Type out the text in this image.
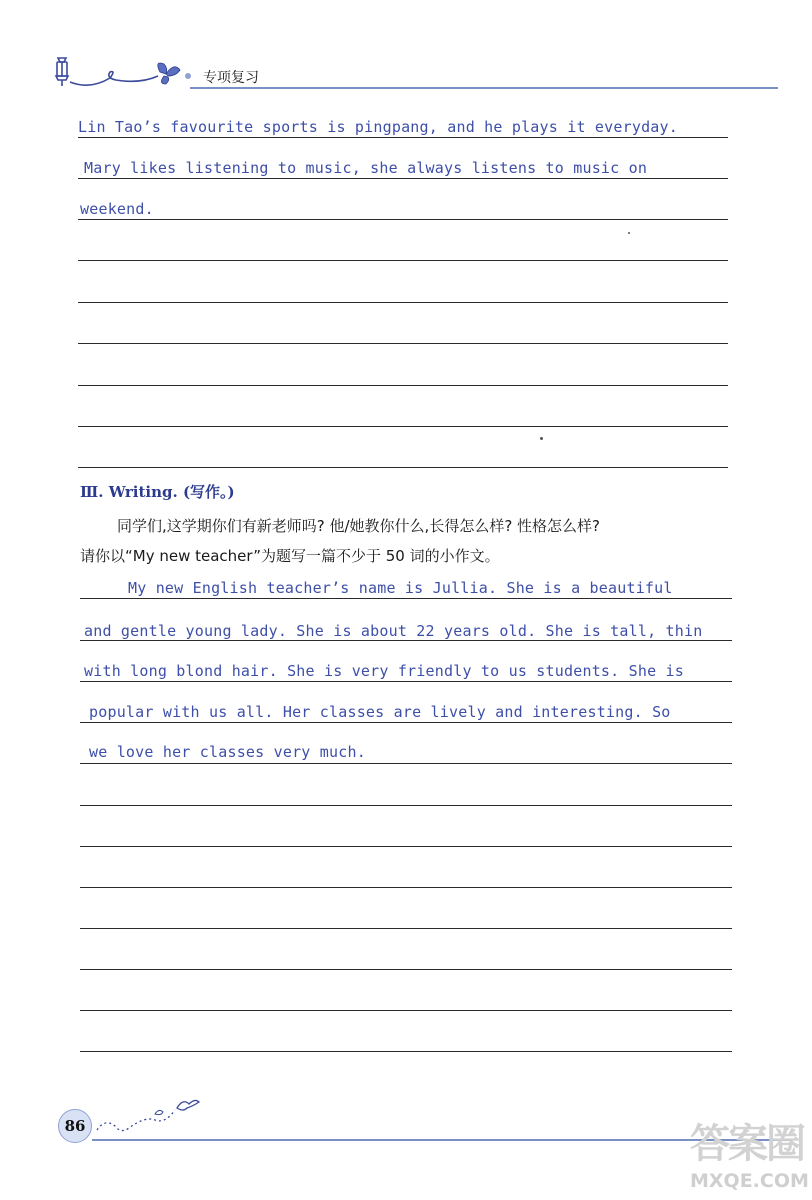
专项复习
Lin Tao’s favourite sports is pingpang, and he plays it everyday.
Mary likes listening to music, she always listens to music on
weekend.
Ⅲ. Writing. (写作。)
同学们,这学期你们有新老师吗? 他/她教你什么,长得怎么样? 性格怎么样?
请你以“My new teacher”为题写一篇不少于 50 词的小作文。
My new English teacher’s name is Jullia. She is a beautiful
and gentle young lady. She is about 22 years old. She is tall, thin
with long blond hair. She is very friendly to us students. She is
popular with us all. Her classes are lively and interesting. So
we love her classes very much.
86	答案圈
MXQE.COM
